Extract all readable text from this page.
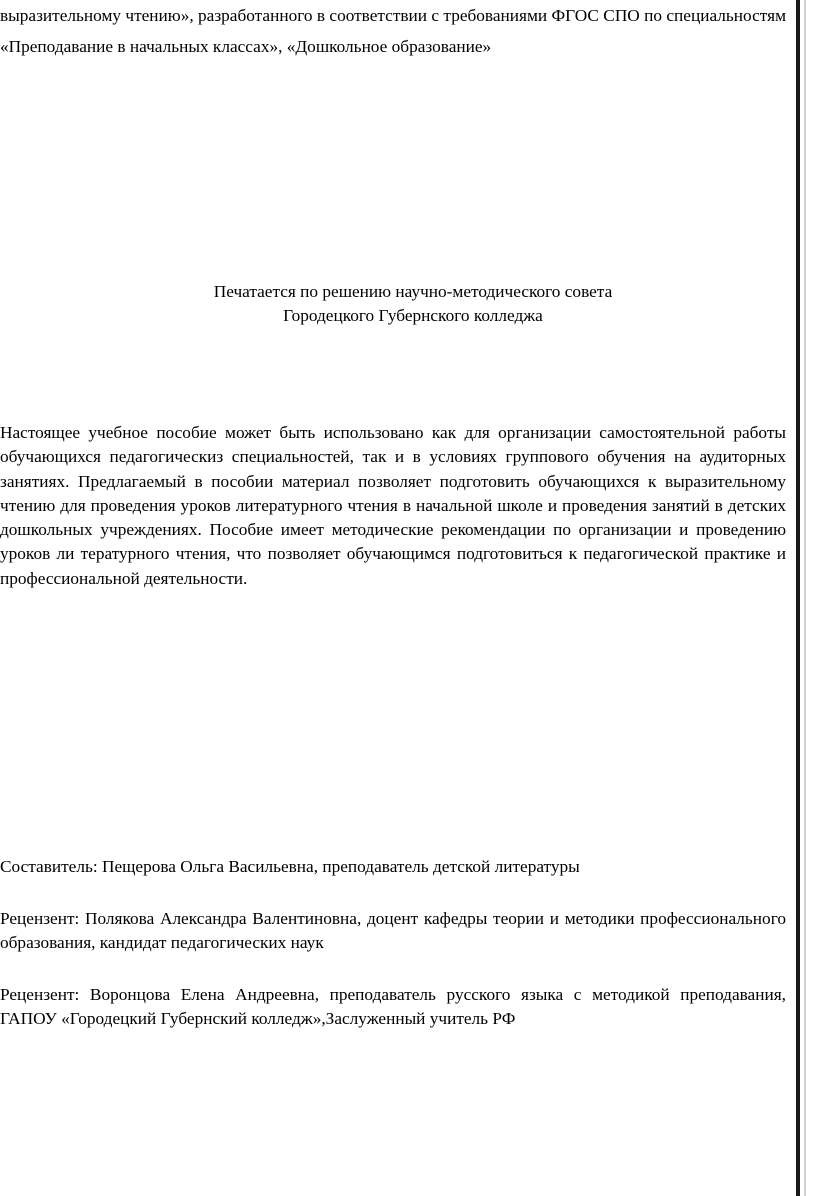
выразительному чтению», разработанного в соответствии с требованиями ФГОС СПО по специальностям «Преподавание в начальных классах», «Дошкольное образование»

Печатается по решению научно-методического совета
Городецкого Губернского колледжа

Настоящее учебное пособие может быть использовано как для организации самостоятельной работы обучающихся педагогическиз специальностей, так и в условиях группового обучения на аудиторных занятиях. Предлагаемый в пособии материал позволяет подготовить обучающихся к выразительному чтению для проведения уроков литературного чтения в начальной школе и проведения занятий в детских дошкольных учреждениях. Пособие имеет методические рекомендации по организации и проведению уроков ли тературного чтения, что позволяет обучающимся подготовиться к педагогической практике и профессиональной деятельности.

Составитель: Пещерова Ольга Васильевна, преподаватель детской литературы

Рецензент: Полякова Александра Валентиновна, доцент кафедры теории и методики профессионального образования, кандидат педагогических наук

Рецензент: Воронцова Елена Андреевна, преподаватель русского языка с методикой преподавания, ГАПОУ «Городецкий Губернский колледж»,Заслуженный учитель РФ
